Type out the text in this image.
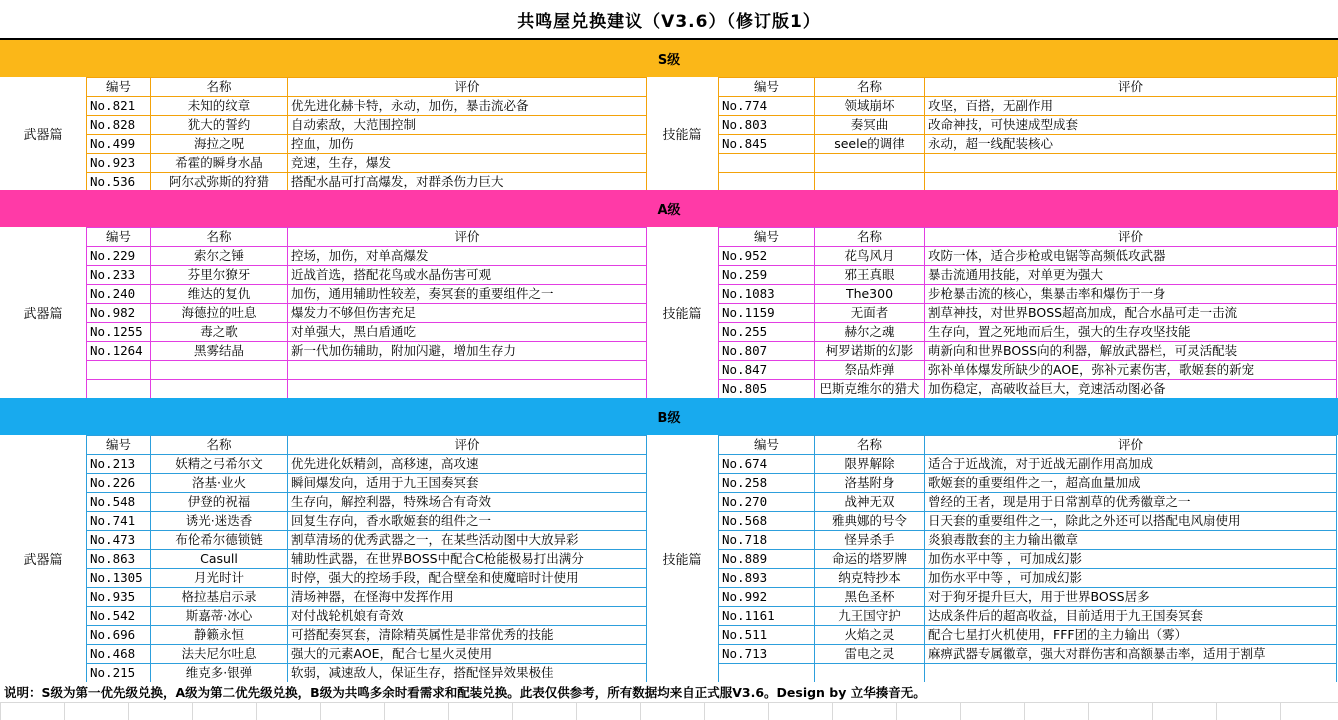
共鸣屋兑换建议（V3.6）（修订版1）
S级
武器篇
编号	名称	评价
No.821	未知的纹章	优先进化赫卡特，永动，加伤，暴击流必备
No.828	犹大的誓约	自动索敌，大范围控制
No.499	海拉之呪	控血，加伤
No.923	希霍的瞬身水晶	竞速，生存，爆发
No.536	阿尔忒弥斯的狩猎	搭配水晶可打高爆发，对群杀伤力巨大
技能篇
编号	名称	评价
No.774	领域崩坏	攻坚，百搭，无副作用
No.803	奏冥曲	改命神技，可快速成型成套
No.845	seele的调律	永动，超一线配装核心

A级
武器篇
编号	名称	评价
No.229	索尔之锤	控场，加伤，对单高爆发
No.233	芬里尔獠牙	近战首选，搭配花鸟或水晶伤害可观
No.240	维达的复仇	加伤，通用辅助性较差，奏冥套的重要组件之一
No.982	海德拉的吐息	爆发力不够但伤害充足
No.1255	毒之歌	对单强大，黑白盾通吃
No.1264	黑雾结晶	新一代加伤辅助，附加闪避，增加生存力

技能篇
编号	名称	评价
No.952	花鸟风月	攻防一体，适合步枪或电锯等高频低攻武器
No.259	邪王真眼	暴击流通用技能，对单更为强大
No.1083	The300	步枪暴击流的核心，集暴击率和爆伤于一身
No.1159	无面者	割草神技，对世界BOSS超高加成，配合水晶可走一击流
No.255	赫尔之魂	生存向，置之死地而后生，强大的生存攻坚技能
No.807	柯罗诺斯的幻影	萌新向和世界BOSS向的利器，解放武器栏，可灵活配装
No.847	祭品炸弹	弥补单体爆发所缺少的AOE，弥补元素伤害，歌姬套的新宠
No.805	巴斯克维尔的猎犬	加伤稳定，高破收益巨大，竞速活动图必备
B级
武器篇
编号	名称	评价
No.213	妖精之弓希尔文	优先进化妖精剑，高移速，高攻速
No.226	洛基·业火	瞬间爆发向，适用于九王国奏冥套
No.548	伊登的祝福	生存向，解控利器，特殊场合有奇效
No.741	诱光·迷迭香	回复生存向，香水歌姬套的组件之一
No.473	布伦希尔德锁链	割草清场的优秀武器之一，在某些活动图中大放异彩
No.863	Casull	辅助性武器，在世界BOSS中配合C枪能极易打出满分
No.1305	月光时计	时停，强大的控场手段，配合壁垒和使魔暗时计使用
No.935	格拉基启示录	清场神器，在怪海中发挥作用
No.542	斯嘉蒂·冰心	对付战轮机娘有奇效
No.696	静籁永恒	可搭配奏冥套，清除精英属性是非常优秀的技能
No.468	法夫尼尔吐息	强大的元素AOE，配合七星火灵使用
No.215	维克多·银弹	软弱，减速敌人，保证生存，搭配怪异效果极佳
技能篇
编号	名称	评价
No.674	限界解除	适合于近战流，对于近战无副作用高加成
No.258	洛基附身	歌姬套的重要组件之一，超高血量加成
No.270	战神无双	曾经的王者，现是用于日常割草的优秀徽章之一
No.568	雅典娜的号令	日天套的重要组件之一，除此之外还可以搭配电风扇使用
No.718	怪异杀手	炎狼毒散套的主力输出徽章
No.889	命运的塔罗牌	加伤水平中等 ，可加成幻影
No.893	纳克特抄本	加伤水平中等 ，可加成幻影
No.992	黑色圣杯	对于狗牙提升巨大，用于世界BOSS居多
No.1161	九王国守护	达成条件后的超高收益，目前适用于九王国奏冥套
No.511	火焰之灵	配合七星打火机使用，FFF团的主力输出（雾）
No.713	雷电之灵	麻痹武器专属徽章，强大对群伤害和高额暴击率，适用于割草

说明：S级为第一优先级兑换，A级为第二优先级兑换，B级为共鸣多余时看需求和配装兑换。此表仅供参考，所有数据均来自正式服V3.6。Design by 立华揍音无。
